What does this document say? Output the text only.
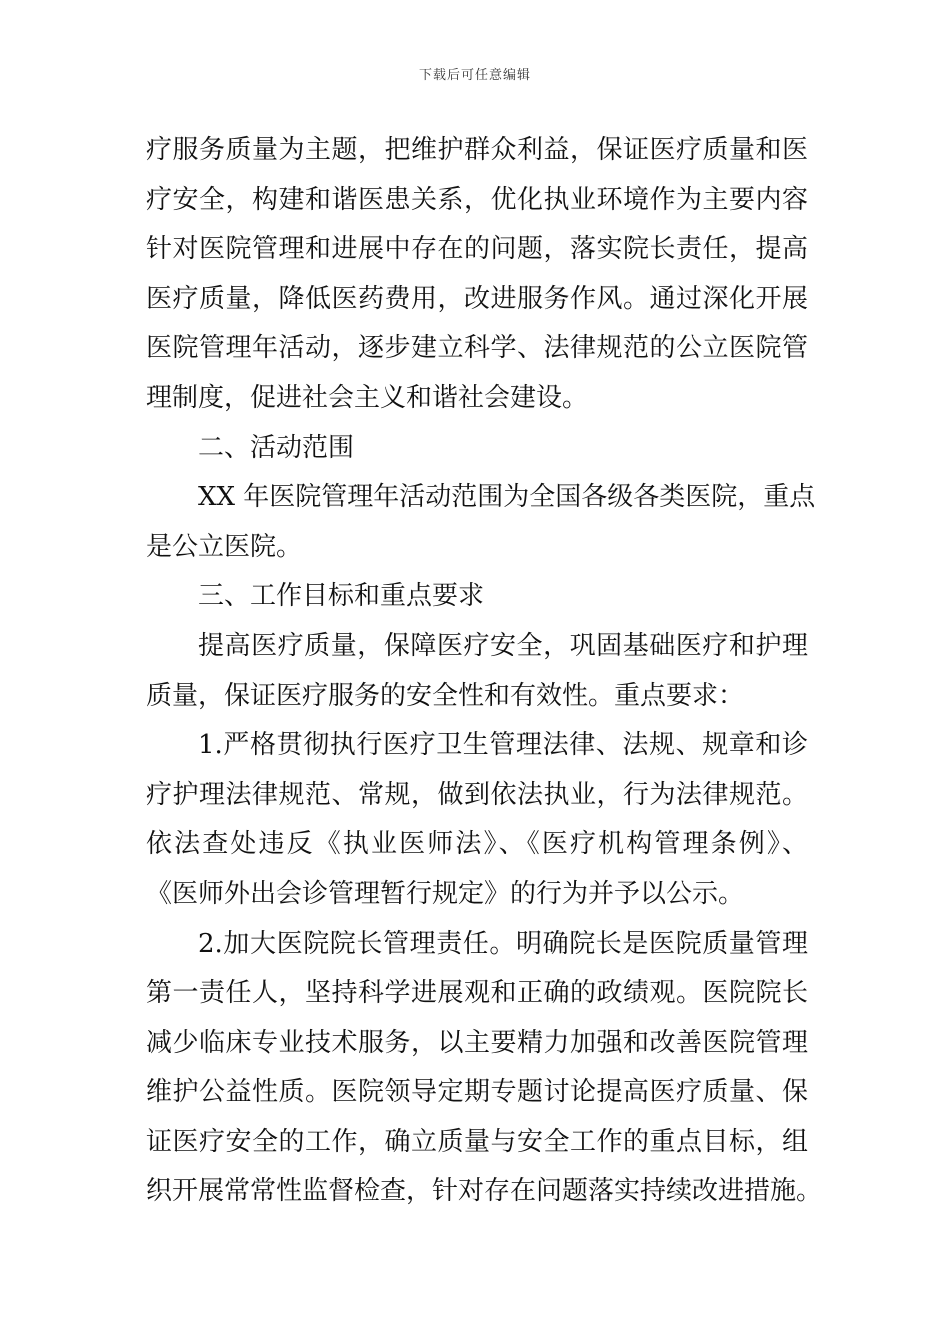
下载后可任意编辑

疗服务质量为主题，把维护群众利益，保证医疗质量和医

疗安全，构建和谐医患关系，优化执业环境作为主要内容

针对医院管理和进展中存在的问题，落实院长责任，提高

医疗质量，降低医药费用，改进服务作风。通过深化开展

医院管理年活动，逐步建立科学、法律规范的公立医院管

理制度，促进社会主义和谐社会建设。

二、活动范围

XX 年医院管理年活动范围为全国各级各类医院，重点

是公立医院。

三、工作目标和重点要求

提高医疗质量，保障医疗安全，巩固基础医疗和护理

质量，保证医疗服务的安全性和有效性。重点要求：

1.严格贯彻执行医疗卫生管理法律、法规、规章和诊

疗护理法律规范、常规，做到依法执业，行为法律规范。

依法查处违反《执业医师法》、《医疗机构管理条例》、

《医师外出会诊管理暂行规定》的行为并予以公示。

2.加大医院院长管理责任。明确院长是医院质量管理

第一责任人，坚持科学进展观和正确的政绩观。医院院长

减少临床专业技术服务，以主要精力加强和改善医院管理

维护公益性质。医院领导定期专题讨论提高医疗质量、保

证医疗安全的工作，确立质量与安全工作的重点目标，组

织开展常常性监督检查，针对存在问题落实持续改进措施。
